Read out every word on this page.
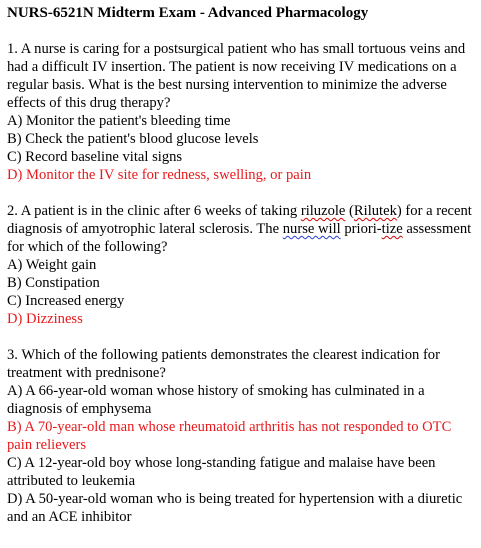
NURS-6521N Midterm Exam - Advanced Pharmacology

1. A nurse is caring for a postsurgical patient who has small tortuous veins and had a difficult IV insertion. The patient is now receiving IV medications on a regular basis. What is the best nursing intervention to minimize the adverse effects of this drug therapy?

A) Monitor the patient's bleeding time
B) Check the patient's blood glucose levels
C) Record baseline vital signs
D) Monitor the IV site for redness, swelling, or pain

2. A patient is in the clinic after 6 weeks of taking riluzole (Rilutek) for a recent diagnosis of amyotrophic lateral sclerosis. The nurse will priori-tize assessment for which of the following?

A) Weight gain
B) Constipation
C) Increased energy
D) Dizziness

3. Which of the following patients demonstrates the clearest indication for treatment with prednisone?

A) A 66-year-old woman whose history of smoking has culminated in a diagnosis of emphysema
B) A 70-year-old man whose rheumatoid arthritis has not responded to OTC pain relievers
C) A 12-year-old boy whose long-standing fatigue and malaise have been attributed to leukemia
D) A 50-year-old woman who is being treated for hypertension with a diuretic and an ACE inhibitor
